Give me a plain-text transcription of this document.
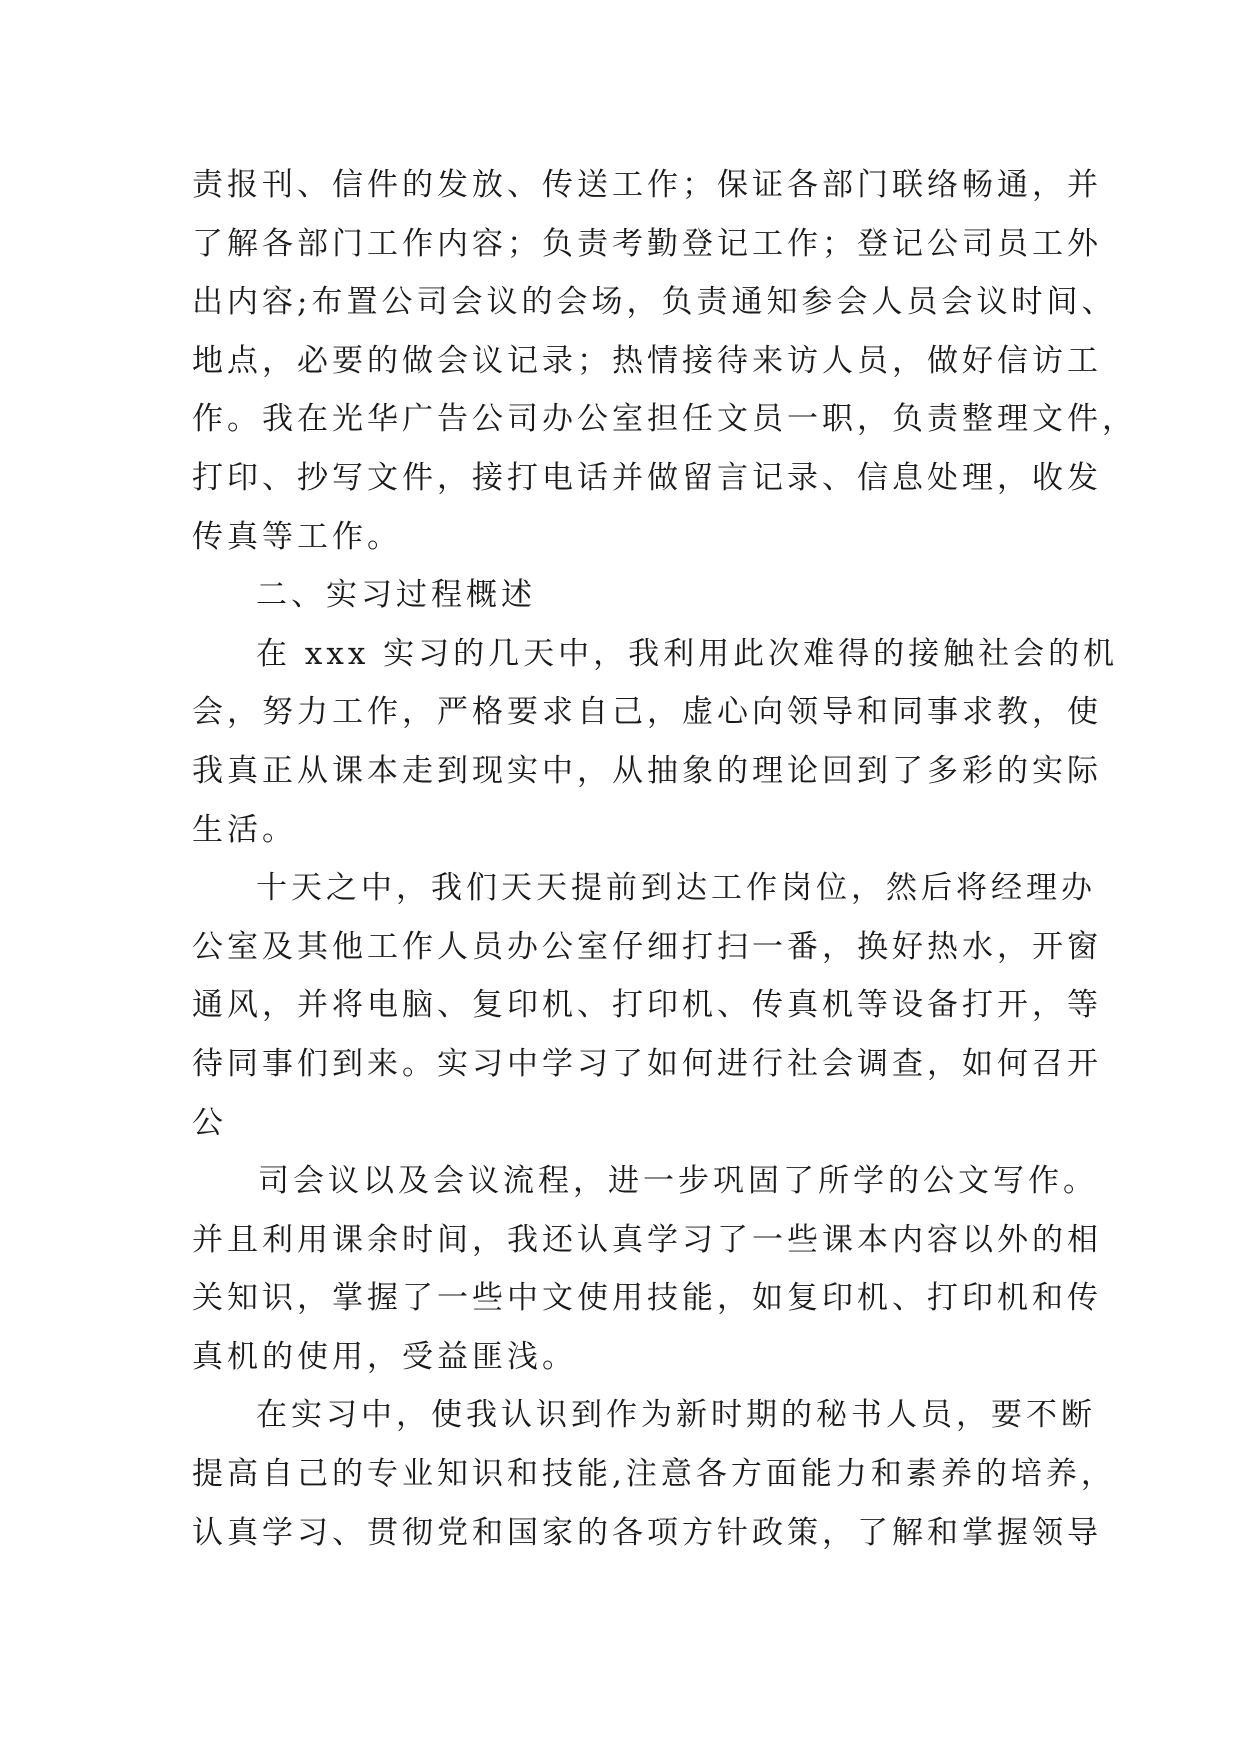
责报刊、信件的发放、传送工作；保证各部门联络畅通，并
了解各部门工作内容；负责考勤登记工作；登记公司员工外
出内容;布置公司会议的会场，负责通知参会人员会议时间、
地点，必要的做会议记录；热情接待来访人员，做好信访工
作。我在光华广告公司办公室担任文员一职，负责整理文件，
打印、抄写文件，接打电话并做留言记录、信息处理，收发
传真等工作。
二、实习过程概述
在 xxx 实习的几天中，我利用此次难得的接触社会的机
会，努力工作，严格要求自己，虚心向领导和同事求教，使
我真正从课本走到现实中，从抽象的理论回到了多彩的实际
生活。
十天之中，我们天天提前到达工作岗位，然后将经理办
公室及其他工作人员办公室仔细打扫一番，换好热水，开窗
通风，并将电脑、复印机、打印机、传真机等设备打开，等
待同事们到来。实习中学习了如何进行社会调查，如何召开
公
司会议以及会议流程，进一步巩固了所学的公文写作。
并且利用课余时间，我还认真学习了一些课本内容以外的相
关知识，掌握了一些中文使用技能，如复印机、打印机和传
真机的使用，受益匪浅。
在实习中，使我认识到作为新时期的秘书人员，要不断
提高自己的专业知识和技能,注意各方面能力和素养的培养，
认真学习、贯彻党和国家的各项方针政策，了解和掌握领导
